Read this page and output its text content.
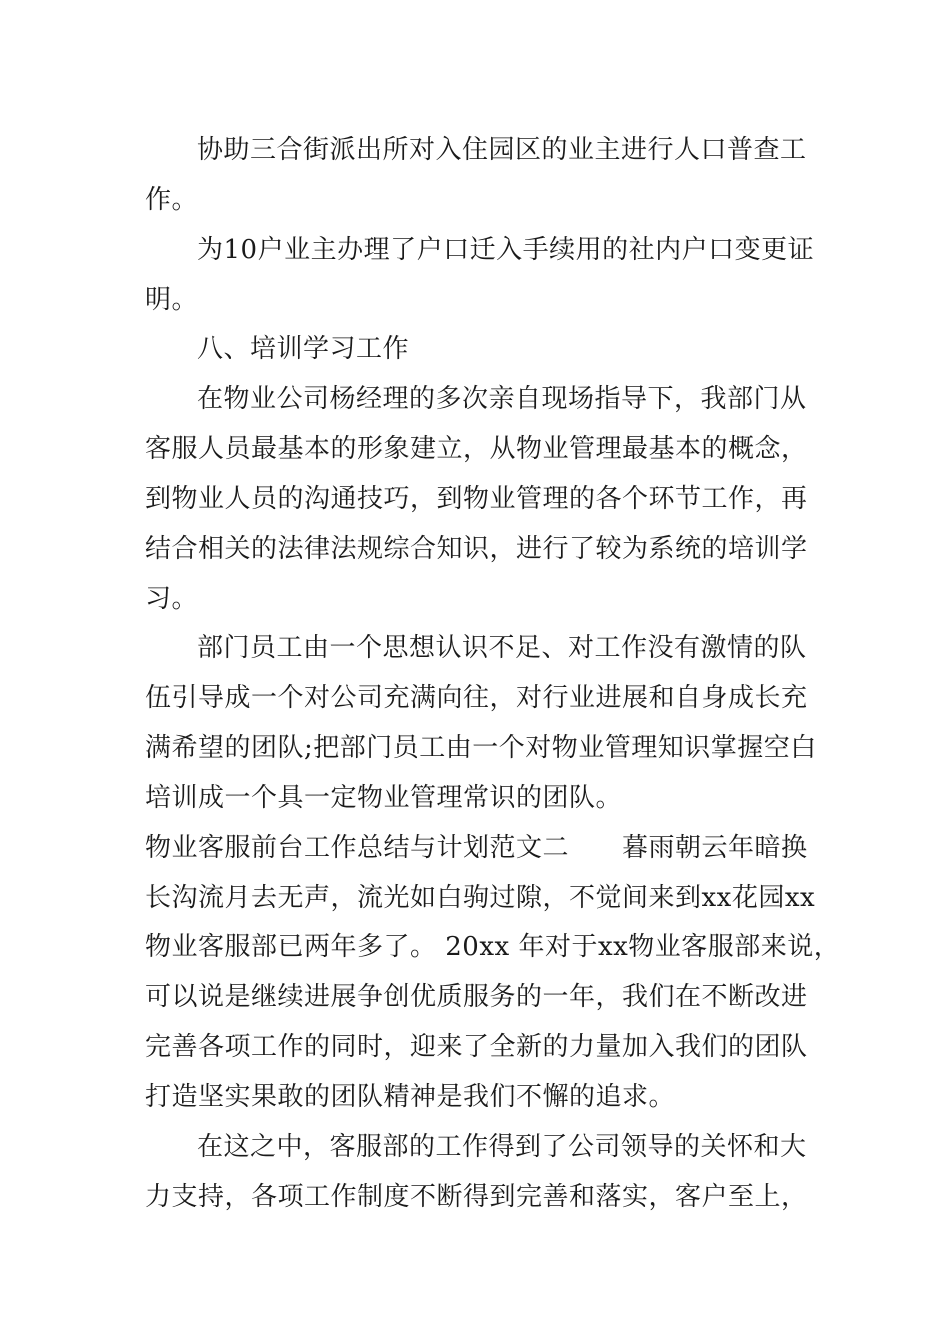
协助三合街派出所对入住园区的业主进行人口普查工
作。
为10户业主办理了户口迁入手续用的社内户口变更证
明。
八、培训学习工作
在物业公司杨经理的多次亲自现场指导下，我部门从
客服人员最基本的形象建立，从物业管理最基本的概念，
到物业人员的沟通技巧，到物业管理的各个环节工作，再
结合相关的法律法规综合知识，进行了较为系统的培训学
习。
部门员工由一个思想认识不足、对工作没有激情的队
伍引导成一个对公司充满向往，对行业进展和自身成长充
满希望的团队;把部门员工由一个对物业管理知识掌握空白
培训成一个具一定物业管理常识的团队。
物业客服前台工作总结与计划范文二　　暮雨朝云年暗换
长沟流月去无声，流光如白驹过隙，不觉间来到xx花园xx
物业客服部已两年多了。 20xx 年对于xx物业客服部来说，
可以说是继续进展争创优质服务的一年，我们在不断改进
完善各项工作的同时，迎来了全新的力量加入我们的团队
打造坚实果敢的团队精神是我们不懈的追求。
在这之中，客服部的工作得到了公司领导的关怀和大
力支持，各项工作制度不断得到完善和落实，客户至上，
